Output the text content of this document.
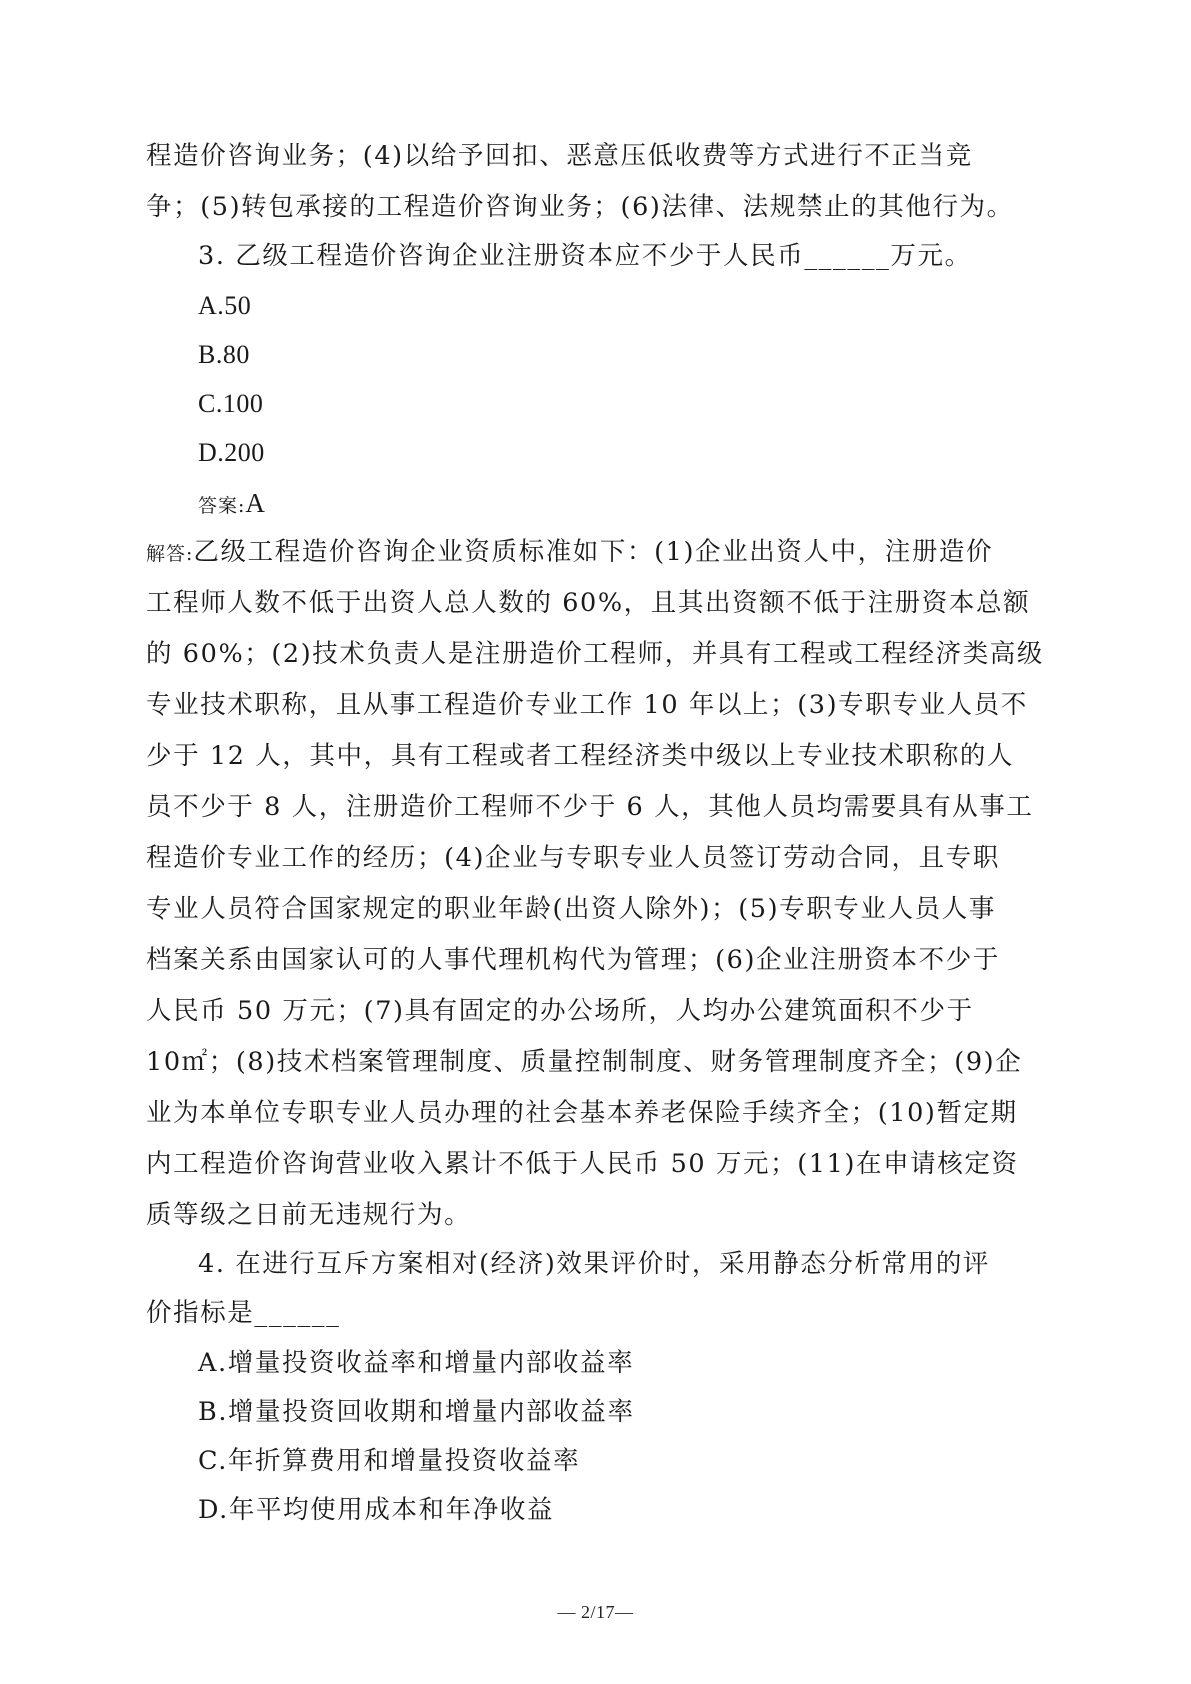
程造价咨询业务；(4)以给予回扣、恶意压低收费等方式进行不正当竞
争；(5)转包承接的工程造价咨询业务；(6)法律、法规禁止的其他行为。
3. 乙级工程造价咨询企业注册资本应不少于人民币______万元。
A.50
B.80
C.100
D.200
答案:A
解答:乙级工程造价咨询企业资质标准如下：(1)企业出资人中，注册造价
工程师人数不低于出资人总人数的 60%，且其出资额不低于注册资本总额
的 60%；(2)技术负责人是注册造价工程师，并具有工程或工程经济类高级
专业技术职称，且从事工程造价专业工作 10 年以上；(3)专职专业人员不
少于 12 人，其中，具有工程或者工程经济类中级以上专业技术职称的人
员不少于 8 人，注册造价工程师不少于 6 人，其他人员均需要具有从事工
程造价专业工作的经历；(4)企业与专职专业人员签订劳动合同，且专职
专业人员符合国家规定的职业年龄(出资人除外)；(5)专职专业人员人事
档案关系由国家认可的人事代理机构代为管理；(6)企业注册资本不少于
人民币 50 万元；(7)具有固定的办公场所，人均办公建筑面积不少于
10㎡；(8)技术档案管理制度、质量控制制度、财务管理制度齐全；(9)企
业为本单位专职专业人员办理的社会基本养老保险手续齐全；(10)暂定期
内工程造价咨询营业收入累计不低于人民币 50 万元；(11)在申请核定资
质等级之日前无违规行为。
4. 在进行互斥方案相对(经济)效果评价时，采用静态分析常用的评
价指标是______
A.增量投资收益率和增量内部收益率
B.增量投资回收期和增量内部收益率
C.年折算费用和增量投资收益率
D.年平均使用成本和年净收益
— 2/17—
